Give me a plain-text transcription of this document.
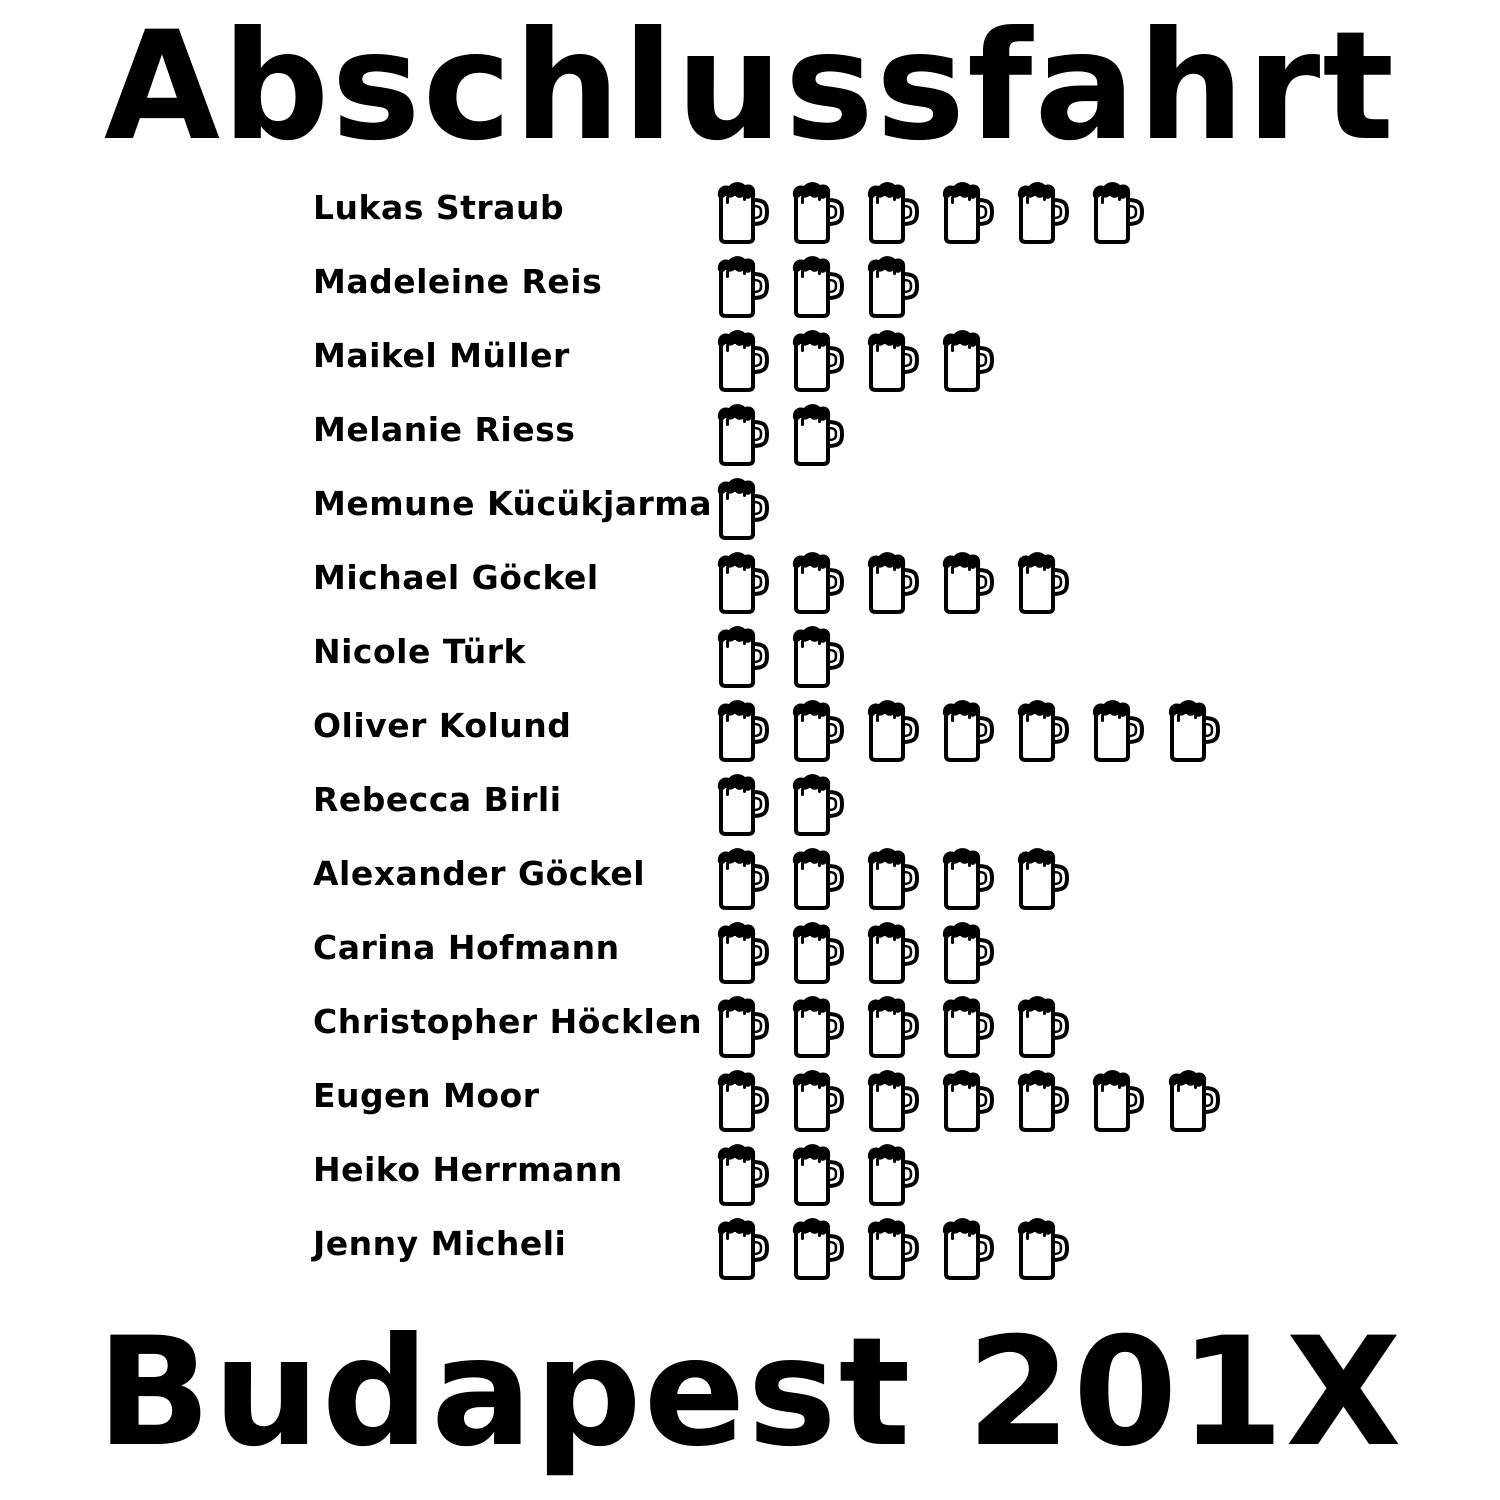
Abschlussfahrt
Lukas Straub

Madeleine Reis

Maikel Müller

Melanie Riess

Memune Kücükjarma
Michael Göckel

Nicole Türk

Oliver Kolund

Rebecca Birli

Alexander Göckel

Carina Hofmann

Christopher Höcklen

Eugen Moor

Heiko Herrmann

Jenny Micheli

Budapest 201X
